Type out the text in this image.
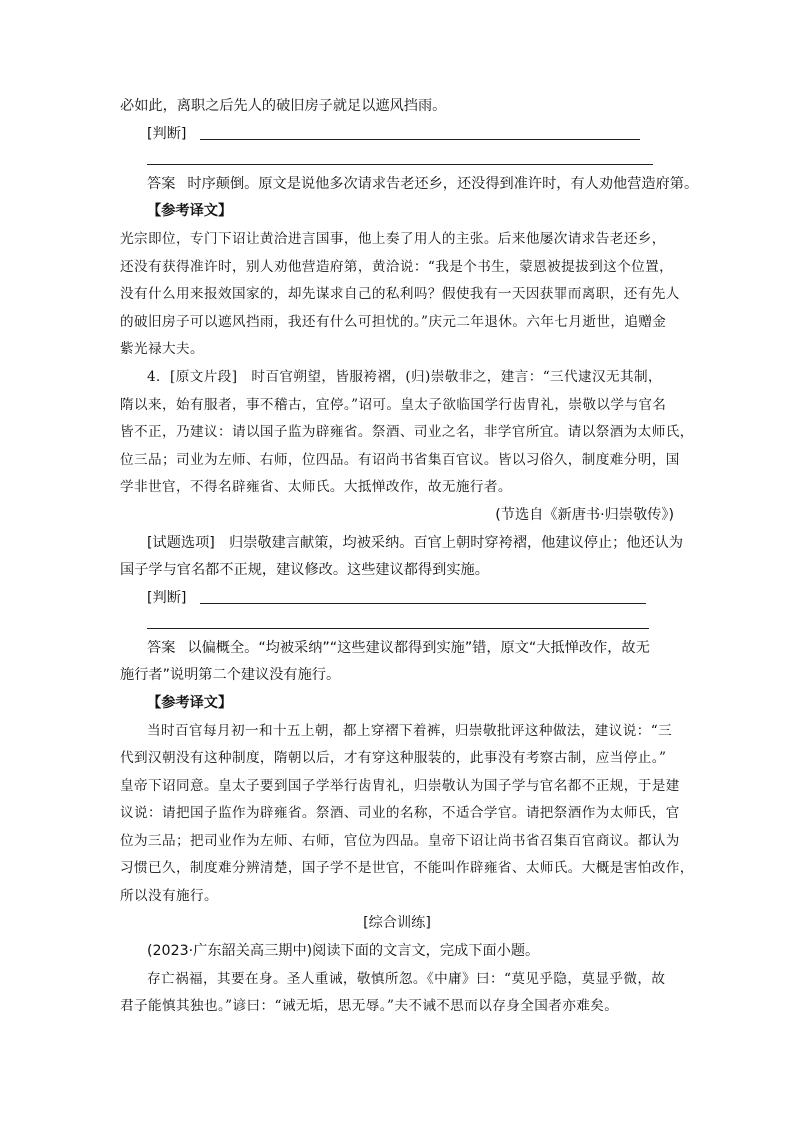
必如此，离职之后先人的破旧房子就足以遮风挡雨。
[判断]
答案 时序颠倒。原文是说他多次请求告老还乡，还没得到准许时，有人劝他营造府第。
【参考译文】
光宗即位，专门下诏让黄洽进言国事，他上奏了用人的主张。后来他屡次请求告老还乡，
还没有获得准许时，别人劝他营造府第，黄洽说：“我是个书生，蒙恩被提拔到这个位置，
没有什么用来报效国家的，却先谋求自己的私利吗？假使我有一天因获罪而离职，还有先人
的破旧房子可以遮风挡雨，我还有什么可担忧的。”庆元二年退休。六年七月逝世，追赠金
紫光禄大夫。
4．[原文片段]　时百官朔望，皆服袴褶，(归)崇敬非之，建言：“三代逮汉无其制，
隋以来，始有服者，事不稽古，宜停。”诏可。皇太子欲临国学行齿胄礼，崇敬以学与官名
皆不正，乃建议：请以国子监为辟雍省。祭酒、司业之名，非学官所宜。请以祭酒为太师氏，
位三品；司业为左师、右师，位四品。有诏尚书省集百官议。皆以习俗久，制度难分明，国
学非世官，不得名辟雍省、太师氏。大抵惮改作，故无施行者。
(节选自《新唐书·归崇敬传》)
[试题选项]　归崇敬建言献策，均被采纳。百官上朝时穿袴褶，他建议停止；他还认为
国子学与官名都不正规，建议修改。这些建议都得到实施。
[判断]
答案 以偏概全。“均被采纳”“这些建议都得到实施”错，原文“大抵惮改作，故无
施行者”说明第二个建议没有施行。
【参考译文】
当时百官每月初一和十五上朝，都上穿褶下着裤，归崇敬批评这种做法，建议说：“三
代到汉朝没有这种制度，隋朝以后，才有穿这种服装的，此事没有考察古制，应当停止。”
皇帝下诏同意。皇太子要到国子学举行齿胄礼，归崇敬认为国子学与官名都不正规，于是建
议说：请把国子监作为辟雍省。祭酒、司业的名称，不适合学官。请把祭酒作为太师氏，官
位为三品；把司业作为左师、右师，官位为四品。皇帝下诏让尚书省召集百官商议。都认为
习惯已久，制度难分辨清楚，国子学不是世官，不能叫作辟雍省、太师氏。大概是害怕改作，
所以没有施行。
[综合训练]
(2023·广东韶关高三期中)阅读下面的文言文，完成下面小题。
存亡祸福，其要在身。圣人重诫，敬慎所忽。《中庸》曰：“莫见乎隐，莫显乎微，故
君子能慎其独也。”谚曰：“诫无垢，思无辱。”夫不诫不思而以存身全国者亦难矣。
